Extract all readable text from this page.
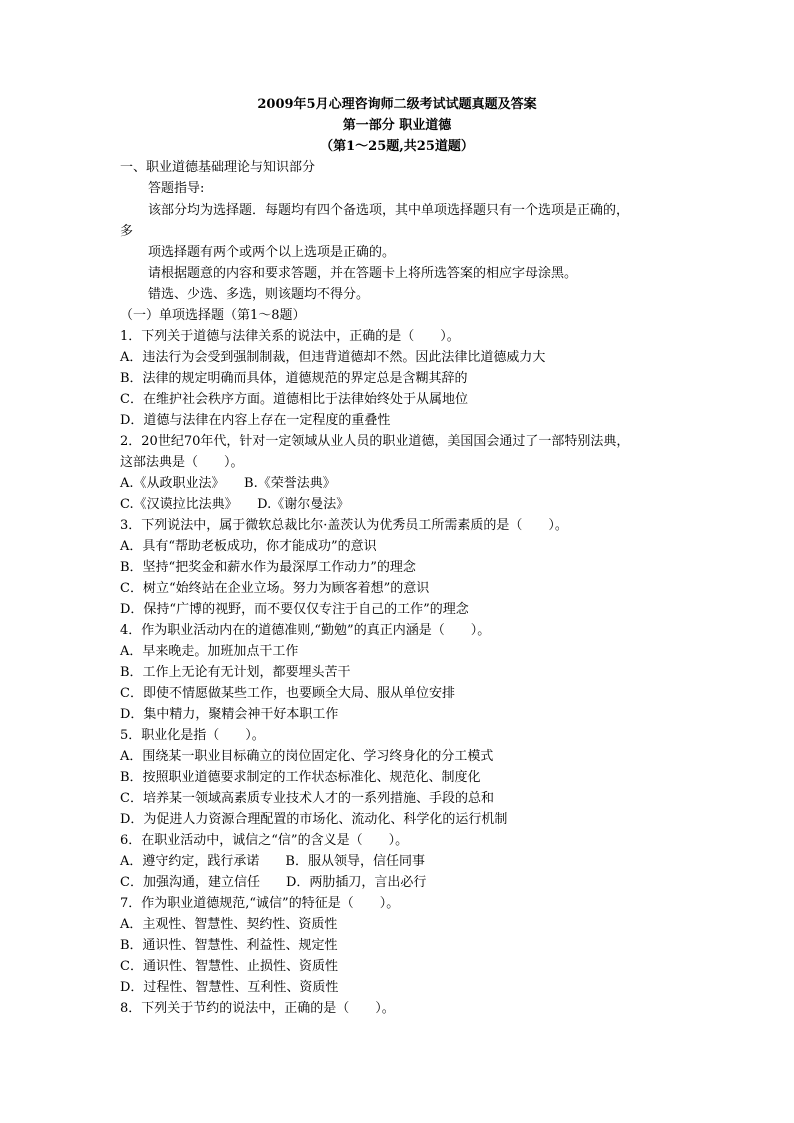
2009年5月心理咨询师二级考试试题真题及答案
第一部分 职业道德
（第1～25题,共25道题）
一、职业道德基础理论与知识部分
答题指导:
该部分均为选择题．每题均有四个备选项，其中单项选择题只有一个选项是正确的，
多
项选择题有两个或两个以上选项是正确的。
请根据题意的内容和要求答题，并在答题卡上将所选答案的相应字母涂黑。
错选、少选、多选，则该题均不得分。
（一）单项选择题（第1～8题）
1．下列关于道德与法律关系的说法中，正确的是（　　）。
A．违法行为会受到强制制裁，但违背道德却不然。因此法律比道德威力大
B．法律的规定明确而具体，道德规范的界定总是含糊其辞的
C．在维护社会秩序方面。道德相比于法律始终处于从属地位
D．道德与法律在内容上存在一定程度的重叠性
2．20世纪70年代，针对一定领域从业人员的职业道德，美国国会通过了一部特别法典，
这部法典是（　　）。
A.《从政职业法》　　B.《荣誉法典》
C.《汉谟拉比法典》　　D.《谢尔曼法》
3．下列说法中，属于微软总裁比尔·盖茨认为优秀员工所需素质的是（　　）。
A．具有“帮助老板成功，你才能成功”的意识
B．坚持“把奖金和薪水作为最深厚工作动力”的理念
C．树立“始终站在企业立场。努力为顾客着想”的意识
D．保持“广博的视野，而不要仅仅专注于自己的工作”的理念
4．作为职业活动内在的道德准则,“勤勉”的真正内涵是（　　）。
A．早来晚走。加班加点干工作
B．工作上无论有无计划，都要埋头苦干
C．即使不情愿做某些工作，也要顾全大局、服从单位安排
D．集中精力，聚精会神干好本职工作
5．职业化是指（　　）。
A．围绕某一职业目标确立的岗位固定化、学习终身化的分工模式
B．按照职业道德要求制定的工作状态标准化、规范化、制度化
C．培养某一领域高素质专业技术人才的一系列措施、手段的总和
D．为促进人力资源合理配置的市场化、流动化、科学化的运行机制
6．在职业活动中，诚信之“信”的含义是（　　）。
A．遵守约定，践行承诺　　B．服从领导，信任同事
C．加强沟通，建立信任　　D．两肋插刀，言出必行
7．作为职业道德规范,“诚信”的特征是（　　）。
A．主观性、智慧性、契约性、资质性
B．通识性、智慧性、利益性、规定性
C．通识性、智慧性、止损性、资质性
D．过程性、智慧性、互利性、资质性
8．下列关于节约的说法中，正确的是（　　）。
